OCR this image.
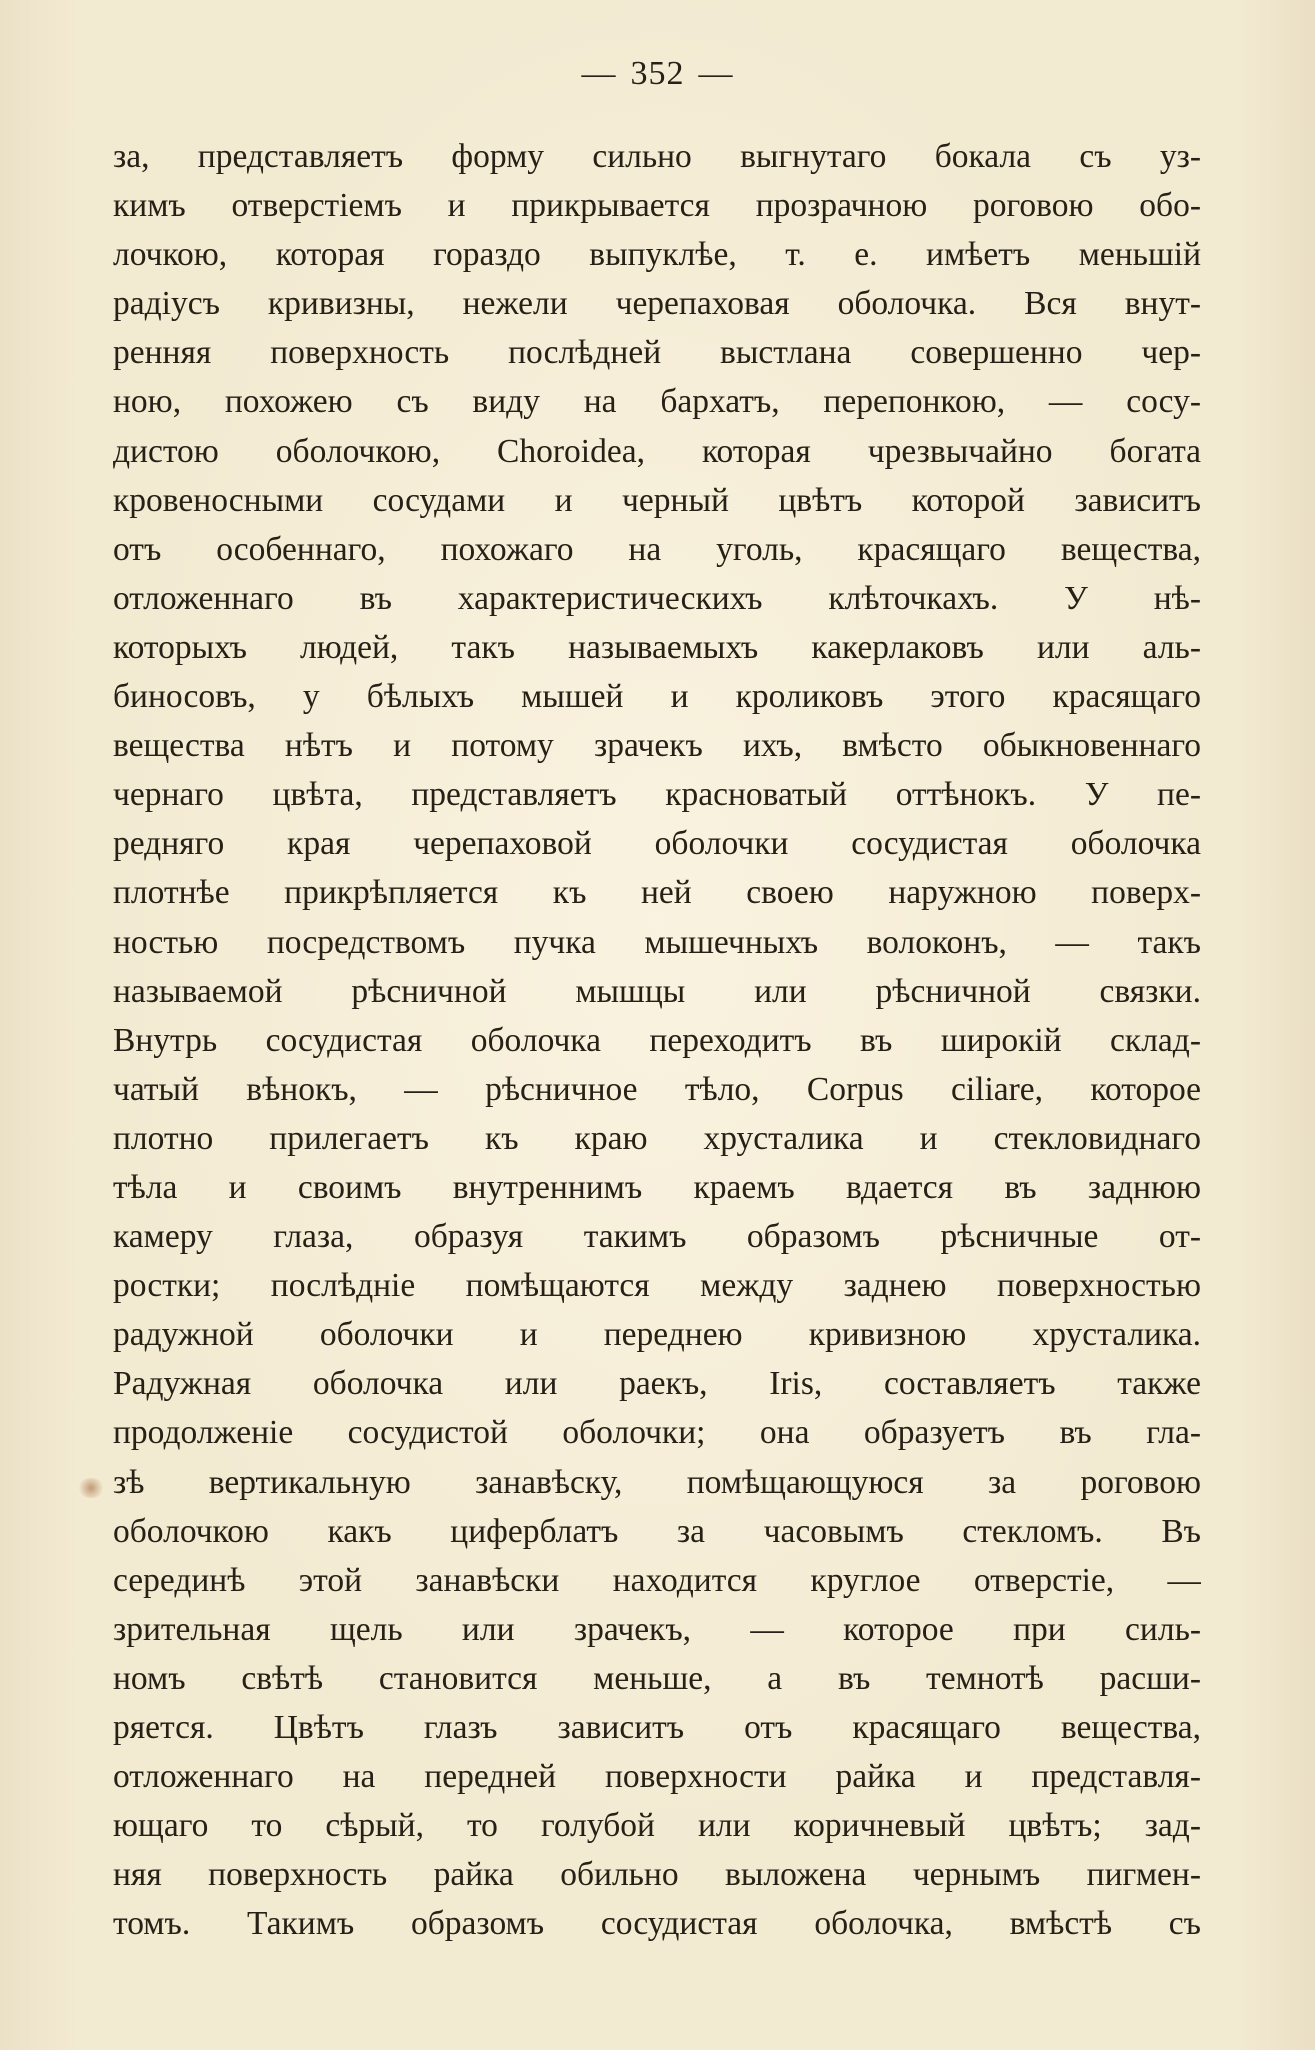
— 352 —
за, представляетъ форму сильно выгнутаго бокала съ уз-
кимъ отверстіемъ и прикрывается прозрачною роговою обо-
лочкою, которая гораздо выпуклѣе, т. е. имѣетъ меньшій
радіусъ кривизны, нежели черепаховая оболочка. Вся внут-
ренняя поверхность послѣдней выстлана совершенно чер-
ною, похожею съ виду на бархатъ, перепонкою, — сосу-
дистою оболочкою, Choroidea, которая чрезвычайно богата
кровеносными сосудами и черный цвѣтъ которой зависитъ
отъ особеннаго, похожаго на уголь, красящаго вещества,
отложеннаго въ характеристическихъ клѣточкахъ. У нѣ-
которыхъ людей, такъ называемыхъ какерлаковъ или аль-
биносовъ, у бѣлыхъ мышей и кроликовъ этого красящаго
вещества нѣтъ и потому зрачекъ ихъ, вмѣсто обыкновеннаго
чернаго цвѣта, представляетъ красноватый оттѣнокъ. У пе-
редняго края черепаховой оболочки сосудистая оболочка
плотнѣе прикрѣпляется къ ней своею наружною поверх-
ностью посредствомъ пучка мышечныхъ волоконъ, — такъ
называемой рѣсничной мышцы или рѣсничной связки.
Внутрь сосудистая оболочка переходитъ въ широкій склад-
чатый вѣнокъ, — рѣсничное тѣло, Corpus ciliare, которое
плотно прилегаетъ къ краю хрусталика и стекловиднаго
тѣла и своимъ внутреннимъ краемъ вдается въ заднюю
камеру глаза, образуя такимъ образомъ рѣсничные от-
ростки; послѣдніе помѣщаются между заднею поверхностью
радужной оболочки и переднею кривизною хрусталика.
Радужная оболочка или раекъ, Iris, составляетъ также
продолженіе сосудистой оболочки; она образуетъ въ гла-
зѣ вертикальную занавѣску, помѣщающуюся за роговою
оболочкою какъ циферблатъ за часовымъ стекломъ. Въ
серединѣ этой занавѣски находится круглое отверстіе, —
зрительная щель или зрачекъ, — которое при силь-
номъ свѣтѣ становится меньше, а въ темнотѣ расши-
ряется. Цвѣтъ глазъ зависитъ отъ красящаго вещества,
отложеннаго на передней поверхности райка и представля-
ющаго то сѣрый, то голубой или коричневый цвѣтъ; зад-
няя поверхность райка обильно выложена чернымъ пигмен-
томъ. Такимъ образомъ сосудистая оболочка, вмѣстѣ съ
